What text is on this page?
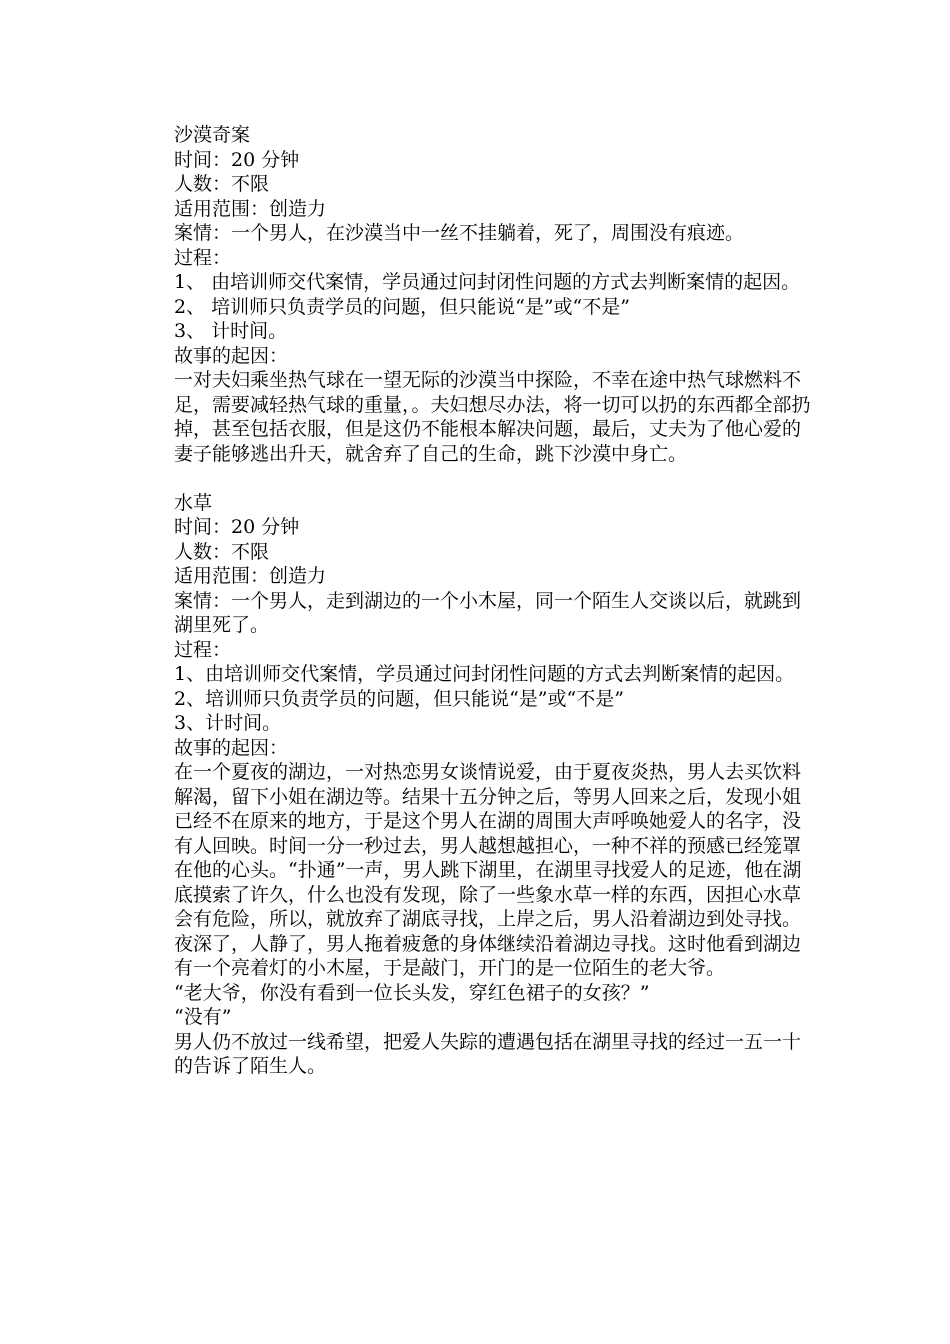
沙漠奇案
时间：20 分钟
人数：不限
适用范围：创造力
案情：一个男人，在沙漠当中一丝不挂躺着，死了，周围没有痕迹。
过程：
1、 由培训师交代案情，学员通过问封闭性问题的方式去判断案情的起因。
2、 培训师只负责学员的问题，但只能说“是”或“不是”
3、 计时间。
故事的起因：
一对夫妇乘坐热气球在一望无际的沙漠当中探险，不幸在途中热气球燃料不足，需要减轻热气球的重量，。夫妇想尽办法，将一切可以扔的东西都全部扔掉，甚至包括衣服，但是这仍不能根本解决问题，最后，丈夫为了他心爱的妻子能够逃出升天，就舍弃了自己的生命，跳下沙漠中身亡。
水草
时间：20 分钟
人数：不限
适用范围：创造力
案情：一个男人，走到湖边的一个小木屋，同一个陌生人交谈以后，就跳到湖里死了。
过程：
1、由培训师交代案情，学员通过问封闭性问题的方式去判断案情的起因。
2、培训师只负责学员的问题，但只能说“是”或“不是”
3、计时间。
故事的起因：
在一个夏夜的湖边，一对热恋男女谈情说爱，由于夏夜炎热，男人去买饮料解渴，留下小姐在湖边等。结果十五分钟之后，等男人回来之后，发现小姐已经不在原来的地方，于是这个男人在湖的周围大声呼唤她爱人的名字，没有人回映。时间一分一秒过去，男人越想越担心，一种不祥的预感已经笼罩在他的心头。“扑通”一声，男人跳下湖里，在湖里寻找爱人的足迹，他在湖底摸索了许久，什么也没有发现，除了一些象水草一样的东西，因担心水草会有危险，所以，就放弃了湖底寻找，上岸之后，男人沿着湖边到处寻找。夜深了，人静了，男人拖着疲惫的身体继续沿着湖边寻找。这时他看到湖边有一个亮着灯的小木屋，于是敲门，开门的是一位陌生的老大爷。
“老大爷，你没有看到一位长头发，穿红色裙子的女孩？”
“没有”
男人仍不放过一线希望，把爱人失踪的遭遇包括在湖里寻找的经过一五一十的告诉了陌生人。
